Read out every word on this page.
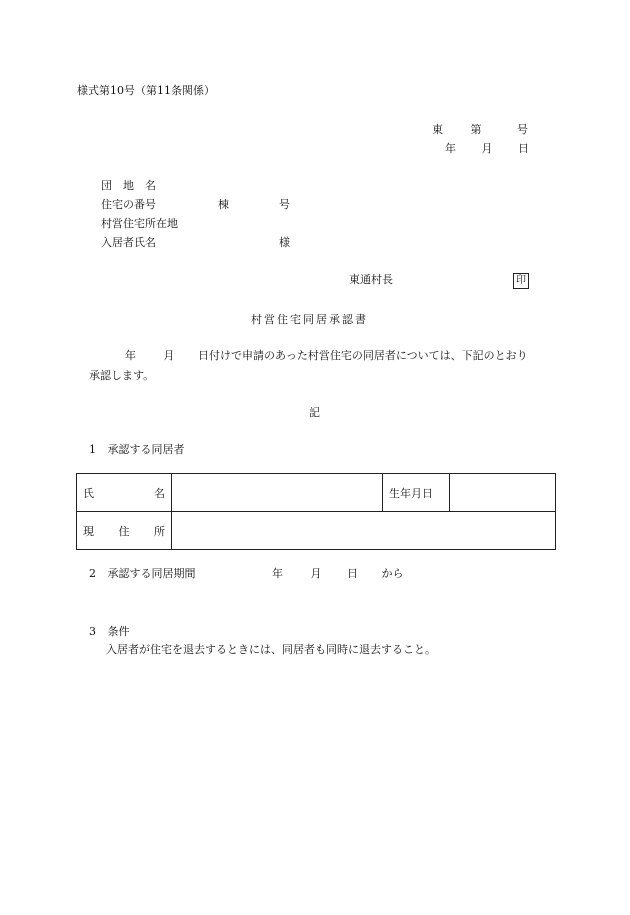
様式第10号（第11条関係）
東	第	号
年 月 日
団　地　名
住宅の番号	棟	号
村営住宅所在地
入居者氏名	様
東通村長	印
村営住宅同居承認書
年	月 日付けで申請のあった村営住宅の同居者については、下記のとおり
承認します。
記
1 承認する同居者
氏 名		生年月日	

現 住 所			

2 承認する同居期間	年	月 日 から
3 条件
入居者が住宅を退去するときには、同居者も同時に退去すること。
